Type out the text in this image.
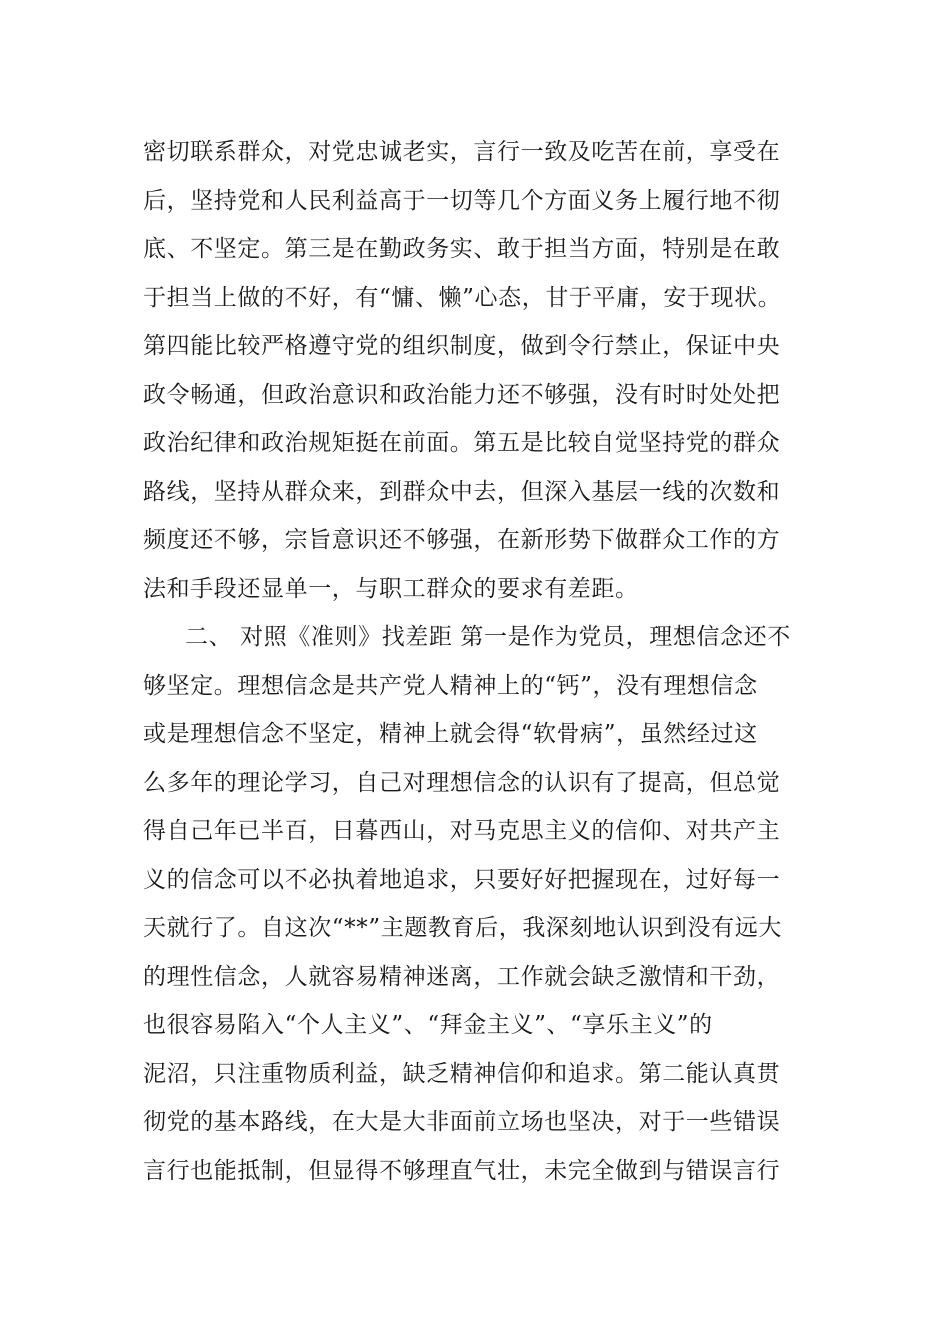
密切联系群众，对党忠诚老实，言行一致及吃苦在前，享受在
后，坚持党和人民利益高于一切等几个方面义务上履行地不彻
底、不坚定。第三是在勤政务实、敢于担当方面，特别是在敢
于担当上做的不好，有“慵、懒”心态，甘于平庸，安于现状。
第四能比较严格遵守党的组织制度，做到令行禁止，保证中央
政令畅通，但政治意识和政治能力还不够强，没有时时处处把
政治纪律和政治规矩挺在前面。第五是比较自觉坚持党的群众
路线，坚持从群众来，到群众中去，但深入基层一线的次数和
频度还不够，宗旨意识还不够强，在新形势下做群众工作的方
法和手段还显单一，与职工群众的要求有差距。
二、 对照《准则》找差距 第一是作为党员，理想信念还不
够坚定。理想信念是共产党人精神上的“钙”，没有理想信念
或是理想信念不坚定，精神上就会得“软骨病”，虽然经过这
么多年的理论学习，自己对理想信念的认识有了提高，但总觉
得自己年已半百，日暮西山，对马克思主义的信仰、对共产主
义的信念可以不必执着地追求，只要好好把握现在，过好每一
天就行了。自这次“**”主题教育后，我深刻地认识到没有远大
的理性信念，人就容易精神迷离，工作就会缺乏激情和干劲，
也很容易陷入“个人主义”、“拜金主义”、“享乐主义”的
泥沼，只注重物质利益，缺乏精神信仰和追求。第二能认真贯
彻党的基本路线，在大是大非面前立场也坚决，对于一些错误
言行也能抵制，但显得不够理直气壮，未完全做到与错误言行
